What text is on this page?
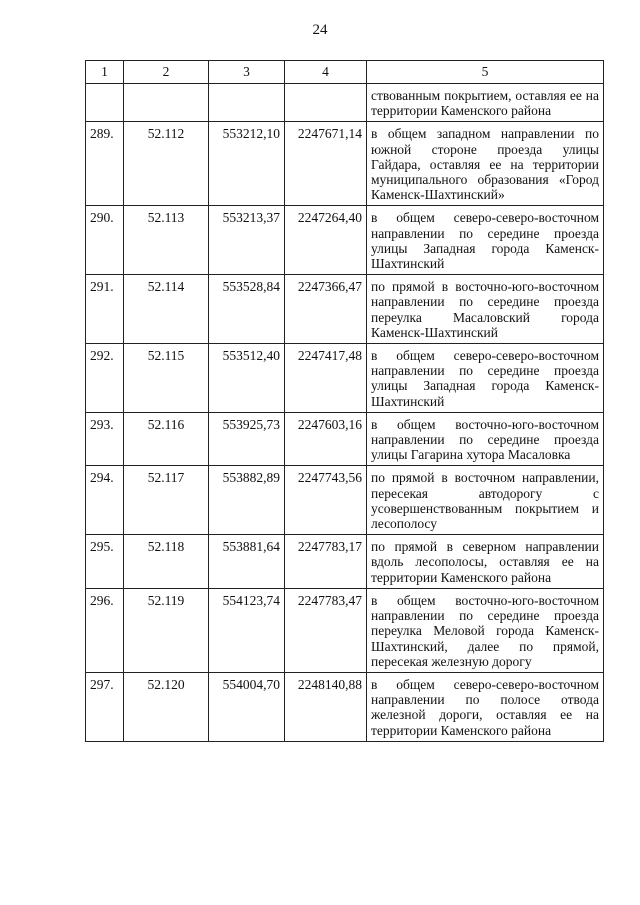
24
1	2	3	4	5
				ствованным покрытием, оставляя ее на территории Каменского района
289.	52.112	553212,10	2247671,14	в общем западном направлении по южной стороне проезда улицы Гайдара, оставляя ее на территории муниципального образования «Город Каменск-Шахтинский»
290.	52.113	553213,37	2247264,40	в общем северо-северо-восточном направлении по середине проезда улицы Западная города Каменск-Шахтинский
291.	52.114	553528,84	2247366,47	по прямой в восточно-юго-восточном направлении по середине проезда переулка Масаловский города Каменск-Шахтинский
292.	52.115	553512,40	2247417,48	в общем северо-северо-восточном направлении по середине проезда улицы Западная города Каменск-Шахтинский
293.	52.116	553925,73	2247603,16	в общем восточно-юго-восточном направлении по середине проезда улицы Гагарина хутора Масаловка
294.	52.117	553882,89	2247743,56	по прямой в восточном направлении, пересекая автодорогу с усовершенствованным покрытием и лесополосу
295.	52.118	553881,64	2247783,17	по прямой в северном направлении вдоль лесополосы, оставляя ее на территории Каменского района
296.	52.119	554123,74	2247783,47	в общем восточно-юго-восточном направлении по середине проезда переулка Меловой города Каменск-Шахтинский, далее по прямой, пересекая железную дорогу
297.	52.120	554004,70	2248140,88	в общем северо-северо-восточном направлении по полосе отвода железной дороги, оставляя ее на территории Каменского района
